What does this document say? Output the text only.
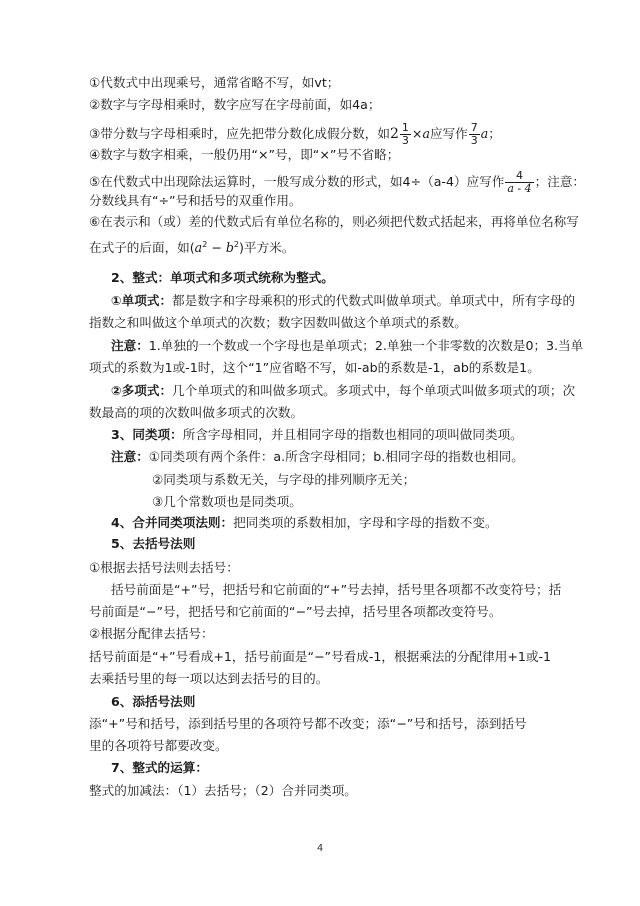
①代数式中出现乘号，通常省略不写，如vt；
②数字与字母相乘时，数字应写在字母前面，如4a；
③带分数与字母相乘时，应先把带分数化成假分数，如$2 \frac{1}{3} \times a$应写作 $\frac{7}{3}$ a；
④数字与数字相乘，一般仍用“×”号，即“×”号不省略；
⑤在代数式中出现除法运算时，一般写成分数的形式，如4÷（a-4）应写作 $\frac{4}{a - 4}$ ；注意：
分数线具有“÷”号和括号的双重作用。
⑥在表示和（或）差的代数式后有单位名称的，则必须把代数式括起来，再将单位名称写
在式子的后面，如$(a^2 - b^2)$平方米。
2、整式：单项式和多项式统称为整式。
①单项式：都是数字和字母乘积的形式的代数式叫做单项式。单项式中，所有字母的
指数之和叫做这个单项式的次数；数字因数叫做这个单项式的系数。
注意：1.单独的一个数或一个字母也是单项式；2.单独一个非零数的次数是0；3.当单
项式的系数为1或-1时，这个“1”应省略不写，如-ab的系数是-1，ab的系数是1。
②多项式：几个单项式的和叫做多项式。多项式中，每个单项式叫做多项式的项；次
数最高的项的次数叫做多项式的次数。
3、同类项：所含字母相同，并且相同字母的指数也相同的项叫做同类项。
注意：①同类项有两个条件：a.所含字母相同；b.相同字母的指数也相同。
②同类项与系数无关，与字母的排列顺序无关；
③几个常数项也是同类项。
4、合并同类项法则：把同类项的系数相加，字母和字母的指数不变。
5、去括号法则
①根据去括号法则去括号：
括号前面是“+”号，把括号和它前面的“+”号去掉，括号里各项都不改变符号；括
号前面是“−”号，把括号和它前面的“−”号去掉，括号里各项都改变符号。
②根据分配律去括号：
括号前面是“+”号看成+1，括号前面是“−”号看成-1，根据乘法的分配律用+1或-1
去乘括号里的每一项以达到去括号的目的。
6、添括号法则
添“+”号和括号，添到括号里的各项符号都不改变；添“−”号和括号，添到括号
里的各项符号都要改变。
7、整式的运算：
整式的加减法：（1）去括号；（2）合并同类项。
4
